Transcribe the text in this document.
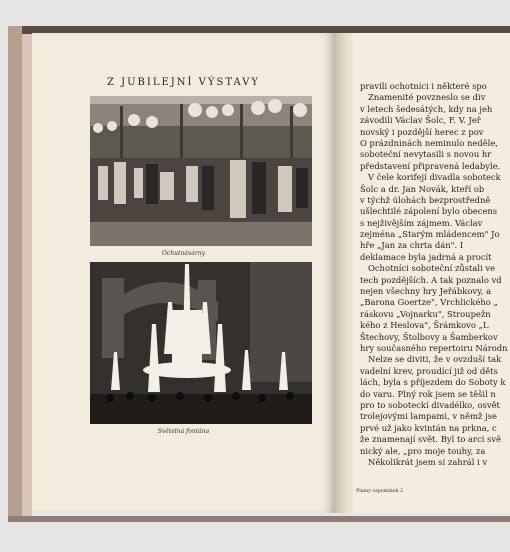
Z JUBILEJNÍ VÝSTAVY
Ochutnávárny
Světelná fontána
pravili ochotníci i některé spo
Znamenité povzneslo se div
v letech šedesátých, kdy na jeh
závodili Václav Šolc, F. V. Jeř
novský i pozdější herec z pov
O prázdninách neminulo neděle,
soboteční nevytasili s novou hr
představení připravená ledabyle.
V čele korifejí divadla soboteck
Šolc a dr. Jan Novák, kteří ob
v týchž úlohách bezprostředně
ušlechtilé zápolení bylo obecens
s nejživějším zájmem. Václav
zejména „Starým mládencem" Jo
hře „Jan za chrta dán". I
deklamace byla jadrná a procít
Ochotníci soboteční zůstali ve
tech pozdějších. A tak poznalo vd
nejen všechny hry Jeřábkovy, a
„Barona Goertze", Vrchlického „
ráskovu „Vojnarku", Stroupežn
kého z Heslova", Šrámkovo „L
Štechovy, Štolbovy a Šamberkov
hry současného repertoiru Národn
Nelze se diviti, že v ovzduší tak
vadelní krev, proudící již od děts
lách, byla s příjezdem do Soboty k
do varu. Plný rok jsem se těšil n
pro to soboteckí divadélko, osvět
trolejovými lampami, v němž jse
prvé už jako kvintán na prkna, c
že znamenají svět. Byl to arci svě
nický ale, „pro moje touhy, za
Několikrát jsem si zahrál i v
Plamy vzpomínek 2
